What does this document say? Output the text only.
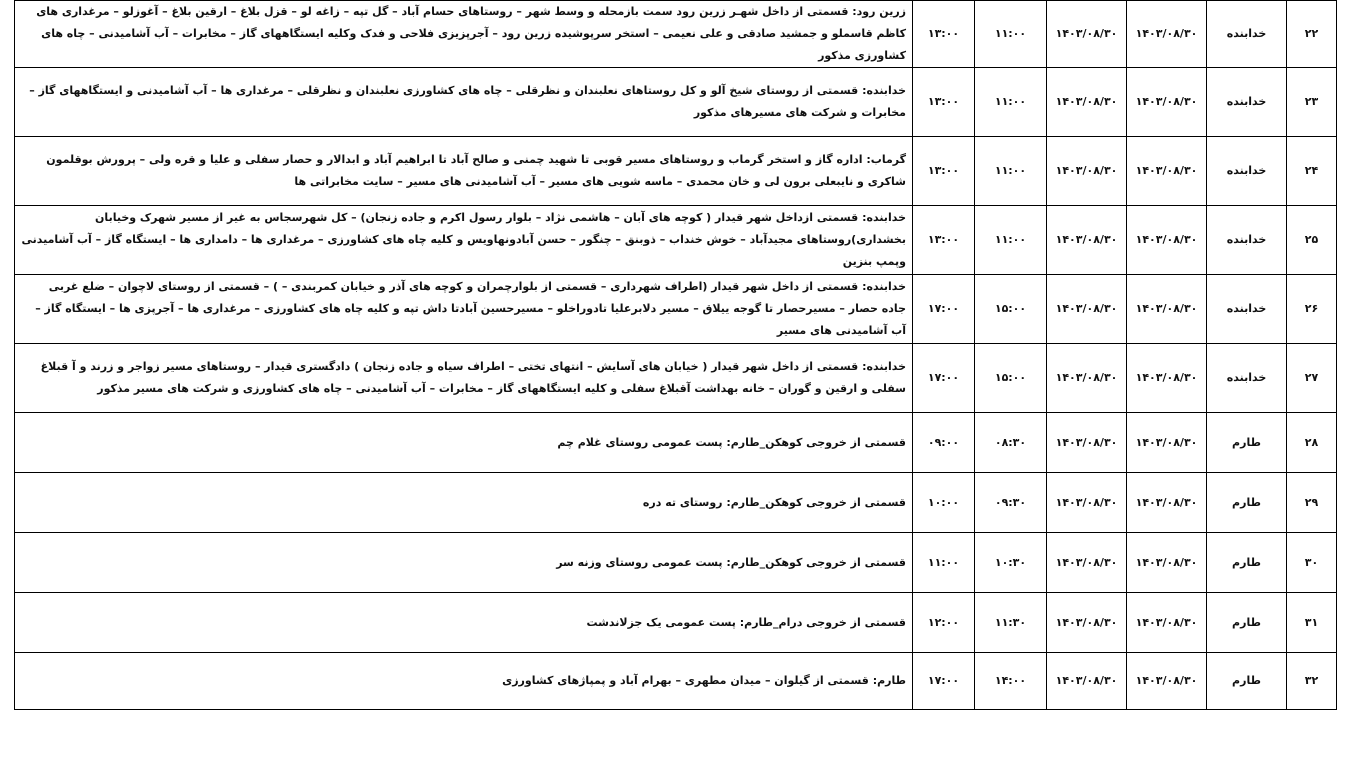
۲۲	خدابنده	۱۴۰۳/۰۸/۳۰	۱۴۰۳/۰۸/۳۰	۱۱:۰۰	۱۳:۰۰	زرین رود: قسمتی از داخل شهـر زرین رود سمت بازمحله و وسط شهر – روستاهای حسام آباد – گل تپه – زاغه لو – قزل بلاغ – ارقین بلاغ – آغوزلو – مرغداری های کاظم قاسملو و جمشید صادقی و علی نعیمی – استخر سرپوشیده زرین رود – آجرپزیزی فلاحی و فدک وکلیه ایستگاههای گاز – مخابرات – آب آشامیدنی – چاه های کشاورزی مذکور
۲۳	خدابنده	۱۴۰۳/۰۸/۳۰	۱۴۰۳/۰۸/۳۰	۱۱:۰۰	۱۳:۰۰	خدابنده: قسمتی از روستای شیخ آلو و کل روستاهای نعلبندان و نظرقلی – چاه های کشاورزی نعلبندان و نظرقلی – مرغداری ها – آب آشامیدنی و ایستگاههای گاز – مخابرات و شرکت های مسیرهای مذکور
۲۴	خدابنده	۱۴۰۳/۰۸/۳۰	۱۴۰۳/۰۸/۳۰	۱۱:۰۰	۱۳:۰۰	گرماب: اداره گاز و استخر گرماب و روستاهای مسیر قوبی تا شهید چمنی و صالح آباد تا ابراهیم آباد و ابدالار و حصار سفلی و علیا و قره ولی – پرورش بوقلمون شاکری و نایبعلی برون لی و خان محمدی – ماسه شویی های مسیر – آب آشامیدنی های مسیر – سایت مخابراتی ها
۲۵	خدابنده	۱۴۰۳/۰۸/۳۰	۱۴۰۳/۰۸/۳۰	۱۱:۰۰	۱۳:۰۰	خدابنده: قسمتی ازداخل شهر قیدار ( کوچه های آبان – هاشمی نژاد – بلوار رسول اکرم و جاده زنجان) – کل شهرسجاس به غیر از مسیر شهرک وخیابان بخشداری)روستاهای مجیدآباد – خوش خنداب – ذوبنق – چنگور – حسن آبادونهاویس و کلیه چاه های کشاورزی – مرغداری ها – دامداری ها – ایستگاه گاز – آب آشامیدنی وپمپ بنزین
۲۶	خدابنده	۱۴۰۳/۰۸/۳۰	۱۴۰۳/۰۸/۳۰	۱۵:۰۰	۱۷:۰۰	خدابنده: قسمتی از داخل شهر قیدار (اطراف شهرداری – قسمتی از بلوارچمران و کوچه های آذر و خیابان کمربندی – ) – قسمتی از روستای لاچوان – ضلع غربی جاده حصار – مسیرحصار تا گوجه ییلاق – مسیر دلابرعلیا تادوراخلو – مسیرحسین آبادتا داش تپه و کلیه چاه های کشاورزی – مرغداری ها – آجرپزی ها – ایستگاه گاز – آب آشامیدنی های مسیر
۲۷	خدابنده	۱۴۰۳/۰۸/۳۰	۱۴۰۳/۰۸/۳۰	۱۵:۰۰	۱۷:۰۰	خدابنده: قسمتی از داخل شهر قیدار ( خیابان های آسایش – انتهای تختی – اطراف سیاه و جاده زنجان ) دادگستری قیدار – روستاهای مسیر زواجر و زرند و آ قبلاغ سفلی و ارقین و گوران – خانه بهداشت آقبلاغ سفلی و کلیه ایستگاههای گاز – مخابرات – آب آشامیدنی – چاه های کشاورزی و شرکت های مسیر مذکور
۲۸	طارم	۱۴۰۳/۰۸/۳۰	۱۴۰۳/۰۸/۳۰	۰۸:۳۰	۰۹:۰۰	قسمتی از خروجی کوهکن_طارم: پست عمومی روستای غلام چم
۲۹	طارم	۱۴۰۳/۰۸/۳۰	۱۴۰۳/۰۸/۳۰	۰۹:۳۰	۱۰:۰۰	قسمتی از خروجی کوهکن_طارم: روستای ته دره
۳۰	طارم	۱۴۰۳/۰۸/۳۰	۱۴۰۳/۰۸/۳۰	۱۰:۳۰	۱۱:۰۰	قسمتی از خروجی کوهکن_طارم: پست عمومی روستای وزنه سر
۳۱	طارم	۱۴۰۳/۰۸/۳۰	۱۴۰۳/۰۸/۳۰	۱۱:۳۰	۱۲:۰۰	قسمتی از خروجی درام_طارم: پست عمومی یک جزلاندشت
۳۲	طارم	۱۴۰۳/۰۸/۳۰	۱۴۰۳/۰۸/۳۰	۱۴:۰۰	۱۷:۰۰	طارم: قسمتی از گیلوان – میدان مطهری – بهرام آباد و پمپاژهای کشاورزی
